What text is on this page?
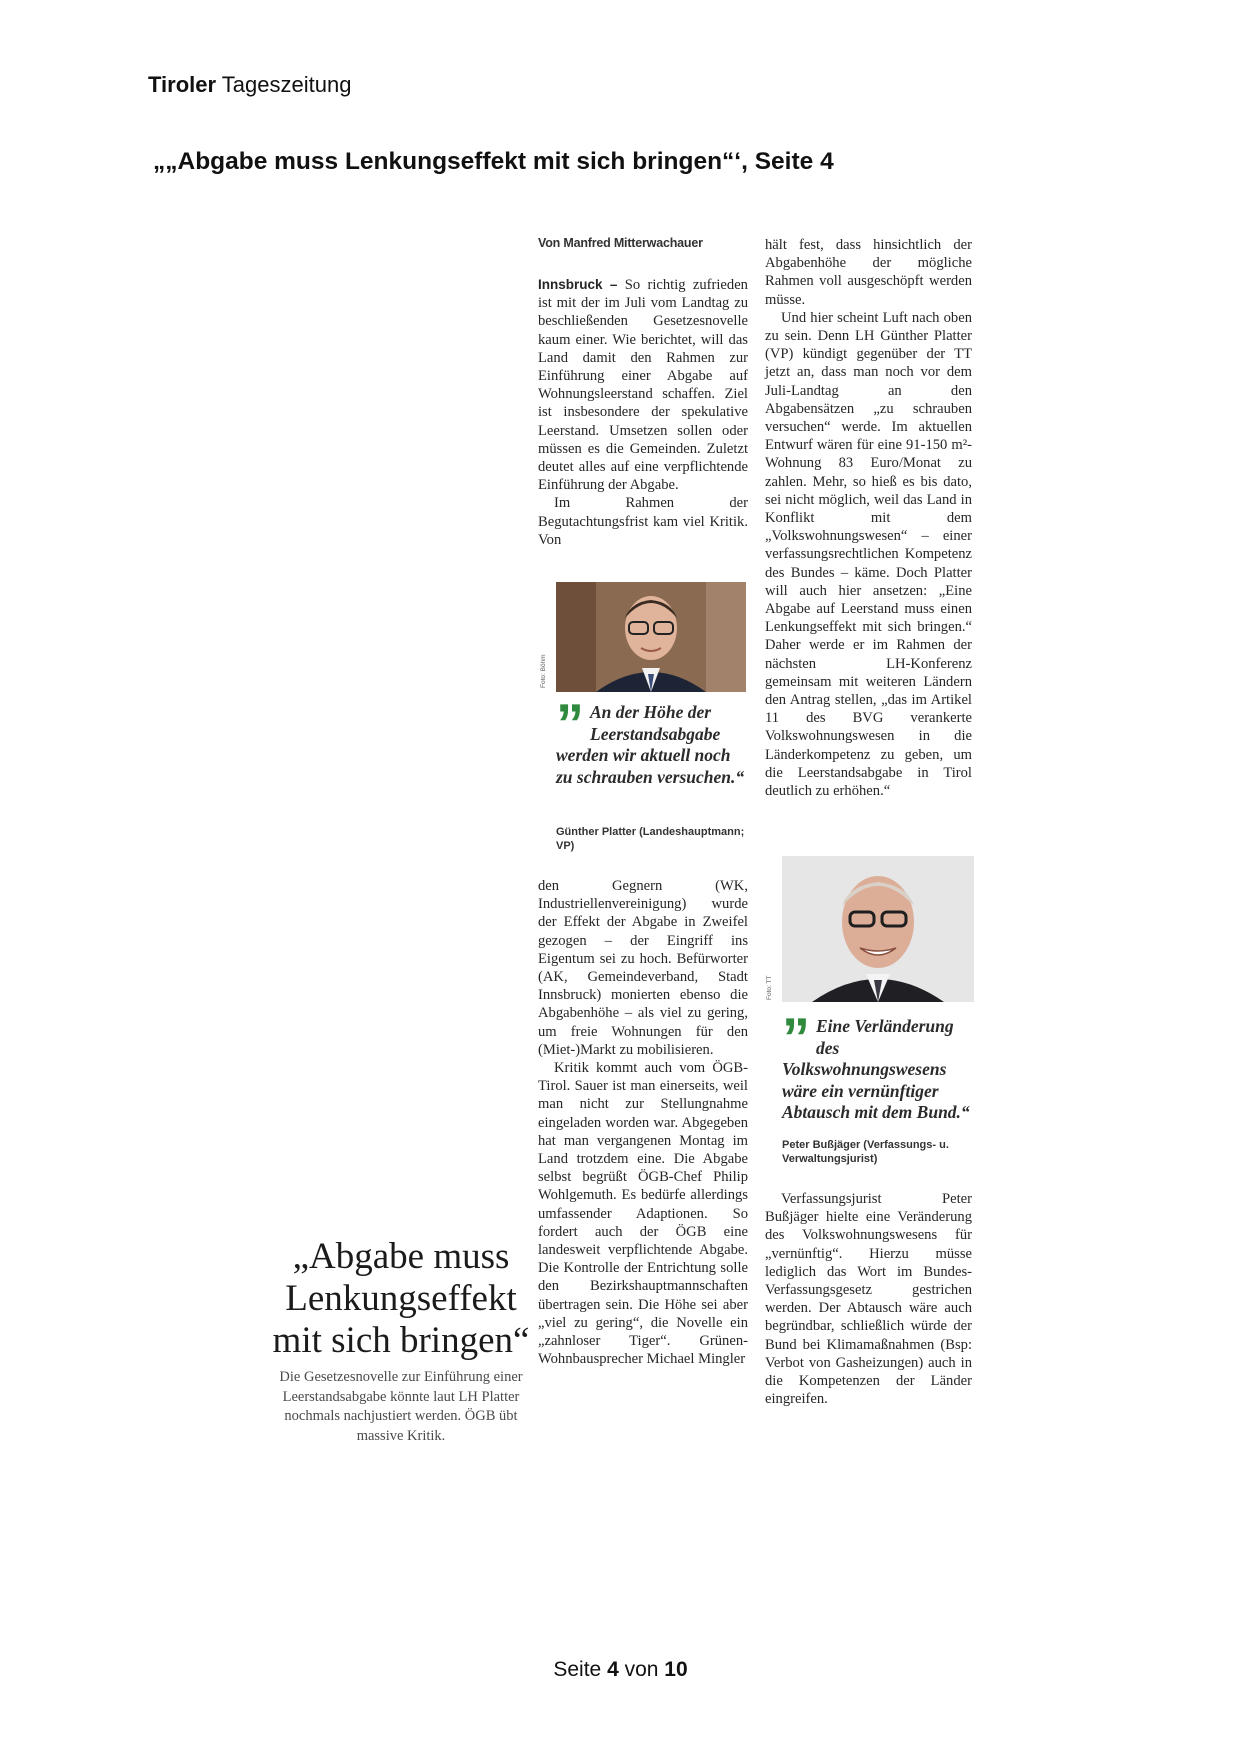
Tiroler Tageszeitung
„„Abgabe muss Lenkungseffekt mit sich bringen“‘, Seite 4
Von Manfred Mitterwachauer

Innsbruck – So richtig zufrieden ist mit der im Juli vom Landtag zu beschließenden Gesetzesnovelle kaum einer. Wie berichtet, will das Land damit den Rahmen zur Einführung einer Abgabe auf Wohnungsleerstand schaffen. Ziel ist insbesondere der spekulative Leerstand. Umsetzen sollen oder müssen es die Gemeinden. Zuletzt deutet alles auf eine verpflichtende Einführung der Abgabe.

Im Rahmen der Begutachtungsfrist kam viel Kritik. Von

Foto: Böhm
” An der Höhe der Leerstandsabgabe werden wir aktuell noch zu schrauben versuchen.“
Günther Platter (Landeshauptmann; VP)

den Gegnern (WK, Industriellenvereinigung) wurde der Effekt der Abgabe in Zweifel gezogen – der Eingriff ins Eigentum sei zu hoch. Befürworter (AK, Gemeindeverband, Stadt Innsbruck) monierten ebenso die Abgabenhöhe – als viel zu gering, um freie Wohnungen für den (Miet-)Markt zu mobilisieren.

Kritik kommt auch vom ÖGB-Tirol. Sauer ist man einerseits, weil man nicht zur Stellungnahme eingeladen worden war. Abgegeben hat man vergangenen Montag im Land trotzdem eine. Die Abgabe selbst begrüßt ÖGB-Chef Philip Wohlgemuth. Es bedürfe allerdings umfassender Adaptionen. So fordert auch der ÖGB eine landesweit verpflichtende Abgabe. Die Kontrolle der Entrichtung solle den Bezirkshauptmannschaften übertragen sein. Die Höhe sei aber „viel zu gering“, die Novelle ein „zahnloser Tiger“. Grünen-Wohnbausprecher Michael Mingler

hält fest, dass hinsichtlich der Abgabenhöhe der mögliche Rahmen voll ausgeschöpft werden müsse.

Und hier scheint Luft nach oben zu sein. Denn LH Günther Platter (VP) kündigt gegenüber der TT jetzt an, dass man noch vor dem Juli-Landtag an den Abgabensätzen „zu schrauben versuchen“ werde. Im aktuellen Entwurf wären für eine 91-150 m²-Wohnung 83 Euro/Monat zu zahlen. Mehr, so hieß es bis dato, sei nicht möglich, weil das Land in Konflikt mit dem „Volkswohnungswesen“ – einer verfassungsrechtlichen Kompetenz des Bundes – käme. Doch Platter will auch hier ansetzen: „Eine Abgabe auf Leerstand muss einen Lenkungseffekt mit sich bringen.“ Daher werde er im Rahmen der nächsten LH-Konferenz gemeinsam mit weiteren Ländern den Antrag stellen, „das im Artikel 11 des BVG verankerte Volkswohnungswesen in die Länderkompetenz zu geben, um die Leerstandsabgabe in Tirol deutlich zu erhöhen.“

Foto: TT
” Eine Verländerung des Volkswohnungswesens wäre ein vernünftiger Abtausch mit dem Bund.“
Peter Bußjäger (Verfassungs- u. Verwaltungsjurist)

Verfassungsjurist Peter Bußjäger hielte eine Veränderung des Volkswohnungswesens für „vernünftig“. Hierzu müsse lediglich das Wort im Bundes-Verfassungsgesetz gestrichen werden. Der Abtausch wäre auch begründbar, schließlich würde der Bund bei Klimamaßnahmen (Bsp: Verbot von Gasheizungen) auch in die Kompetenzen der Länder eingreifen.

„Abgabe muss Lenkungseffekt mit sich bringen“
Die Gesetzesnovelle zur Einführung einer Leerstandsabgabe könnte laut LH Platter nochmals nachjustiert werden. ÖGB übt massive Kritik.
Seite 4 von 10
